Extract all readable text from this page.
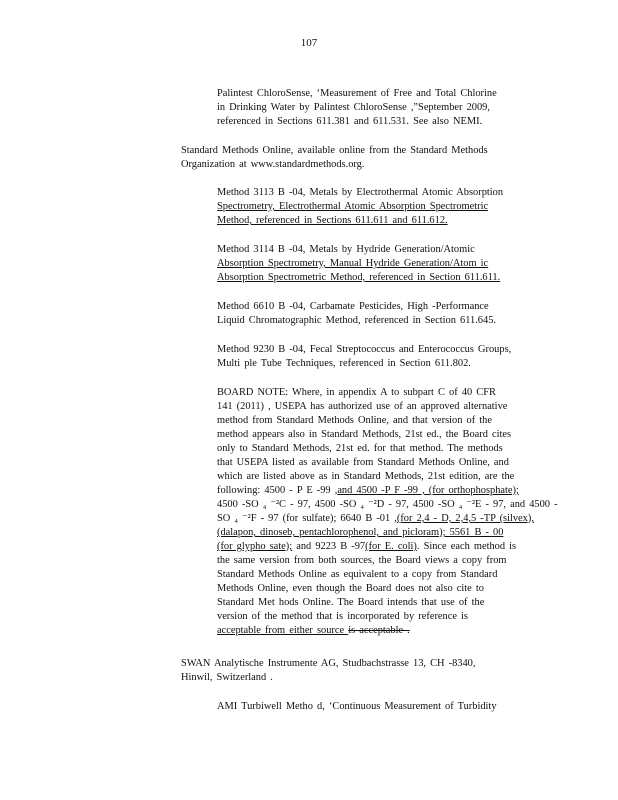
107
Palintest ChloroSense, ‘Measurement of Free and Total Chlorine
in Drinking Water by Palintest ChloroSense ,”September 2009,
referenced in Sections 611.381 and 611.531. See also NEMI.
Standard Methods Online, available online from the Standard Methods
Organization at www.standardmethods.org.
Method 3113 B -04, Metals by Electrothermal Atomic Absorption
Spectrometry, Electrothermal Atomic Absorption Spectrometric
Method, referenced in Sections 611.611 and 611.612.
Method 3114 B -04, Metals by Hydride Generation/Atomic
Absorption Spectrometry, Manual Hydride Generation/Atom ic
Absorption Spectrometric Method, referenced in Section 611.611.
Method 6610 B -04, Carbamate Pesticides, High -Performance
Liquid Chromatographic Method, referenced in Section 611.645.
Method 9230 B -04, Fecal Streptococcus and Enterococcus Groups,
Multi ple Tube Techniques, referenced in Section 611.802.
BOARD NOTE: Where, in appendix A to subpart C of 40 CFR
141 (2011) , USEPA has authorized use of an approved alternative
method from Standard Methods Online, and that version of the
method appears also in Standard Methods, 21st ed., the Board cites
only to Standard Methods, 21st ed. for that method. The methods
that USEPA listed as available from Standard Methods Online, and
which are listed above as in Standard Methods, 21st edition, are the
following: 4500 - P E -99 ,and 4500 -P F -99 , (for orthophosphate);
4500 -SO ₄ ⁻²C - 97, 4500 -SO ₄ ⁻²D - 97, 4500 -SO ₄ ⁻²E - 97, and 4500 -
SO ₄ ⁻²F - 97 (for sulfate); 6640 B -01 ,(for 2,4 - D, 2,4,5 -TP (silvex),
(dalapon, dinoseb, pentachlorophenol, and picloram); 5561 B - 00
(for glypho sate); and 9223 B -97(for E. coli). Since each method is
the same version from both sources, the Board views a copy from
Standard Methods Online as equivalent to a copy from Standard
Methods Online, even though the Board does not also cite to
Standard Met hods Online. The Board intends that use of the
version of the method that is incorporated by reference is
acceptable from either source is acceptable .
SWAN Analytische Instrumente AG, Studbachstrasse 13, CH -8340,
Hinwil, Switzerland .
AMI Turbiwell Metho d, ‘Continuous Measurement of Turbidity
